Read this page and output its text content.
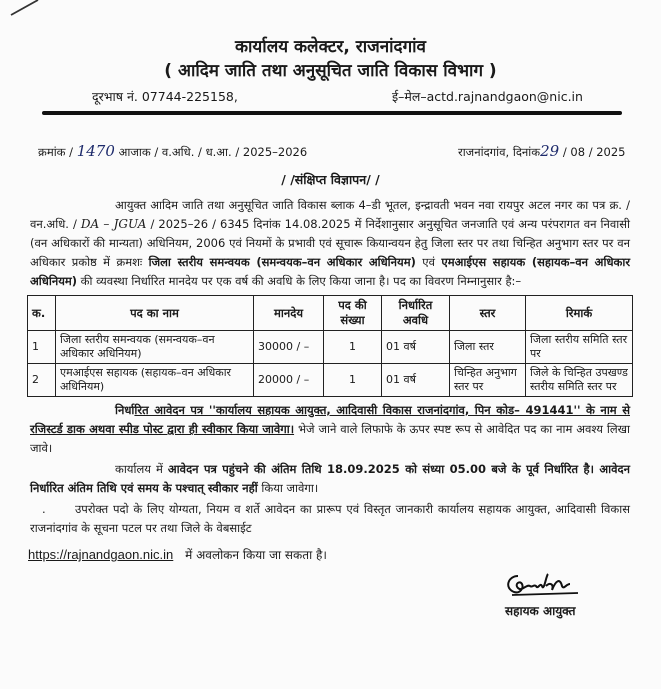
कार्यालय कलेक्टर, राजनांदगांव
( आदिम जाति तथा अनुसूचित जाति विकास विभाग )
दूरभाष नं. 07744-225158,	ई–मेल–actd.rajnandgaon@nic.in
क्रमांक / 1470 आजाक / व.अधि. / ध.आ. / 2025–2026	राजनांदगांव, दिनांक29 / 08 / 2025
/ /संक्षिप्त विज्ञापन/ /
आयुक्त आदिम जाति तथा अनुसूचित जाति विकास ब्लाक 4–डी भूतल, इन्द्रावती भवन नवा रायपुर अटल नगर का पत्र क्र. / वन.अधि. / DA – JGUA / 2025–26 / 6345 दिनांक 14.08.2025 में निर्देशानुसार अनुसूचित जनजाति एवं अन्य परंपरागत वन निवासी (वन अधिकारों की मान्यता) अधिनियम, 2006 एवं नियमों के प्रभावी एवं सूचारू कियान्वयन हेतु जिला स्तर पर तथा चिन्हित अनुभाग स्तर पर वन अधिकार प्रकोष्ठ में क्रमशः जिला स्तरीय समन्वयक (समन्वयक–वन अधिकार अधिनियम) एवं एमआईएस सहायक (सहायक–वन अधिकार अधिनियम) की व्यवस्था निर्धारित मानदेय पर एक वर्ष की अवधि के लिए किया जाना है। पद का विवरण निम्नानुसार है:–
क.	पद का नाम	मानदेय	पद की संख्या	निर्धारित अवधि	स्तर	रिमार्क
1	जिला स्तरीय समन्वयक (समन्वयक–वन अधिकार अधिनियम)	30000 / –	1	01 वर्ष	जिला स्तर	जिला स्तरीय समिति स्तर पर
2	एमआईएस सहायक (सहायक–वन अधिकार अधिनियम)	20000 / –	1	01 वर्ष	चिन्हित अनुभाग स्तर पर	जिले के चिन्हित उपखण्ड स्तरीय समिति स्तर पर
निर्धारित आवेदन पत्र ''कार्यालय सहायक आयुक्त, आदिवासी विकास राजनांदगांव, पिन कोड– 491441'' के नाम से रजिस्टर्ड डाक अथवा स्पीड पोस्ट द्वारा ही स्वीकार किया जावेगा। भेजे जाने वाले लिफाफे के ऊपर स्पष्ट रूप से आवेदित पद का नाम अवश्य लिखा जावे।
कार्यालय में आवेदन पत्र पहुंचने की अंतिम तिथि 18.09.2025 को संध्या 05.00 बजे के पूर्व निर्धारित है। आवेदन निर्धारित अंतिम तिथि एवं समय के पश्चात् स्वीकार नहीं किया जावेगा।
.	उपरोक्त पदो के लिए योग्यता, नियम व शर्ते आवेदन का प्रारूप एवं विस्तृत जानकारी कार्यालय सहायक आयुक्त, आदिवासी विकास राजनांदगांव के सूचना पटल पर तथा जिले के वेबसाईट
https://rajnandgaon.nic.in में अवलोकन किया जा सकता है।
सहायक आयुक्त
